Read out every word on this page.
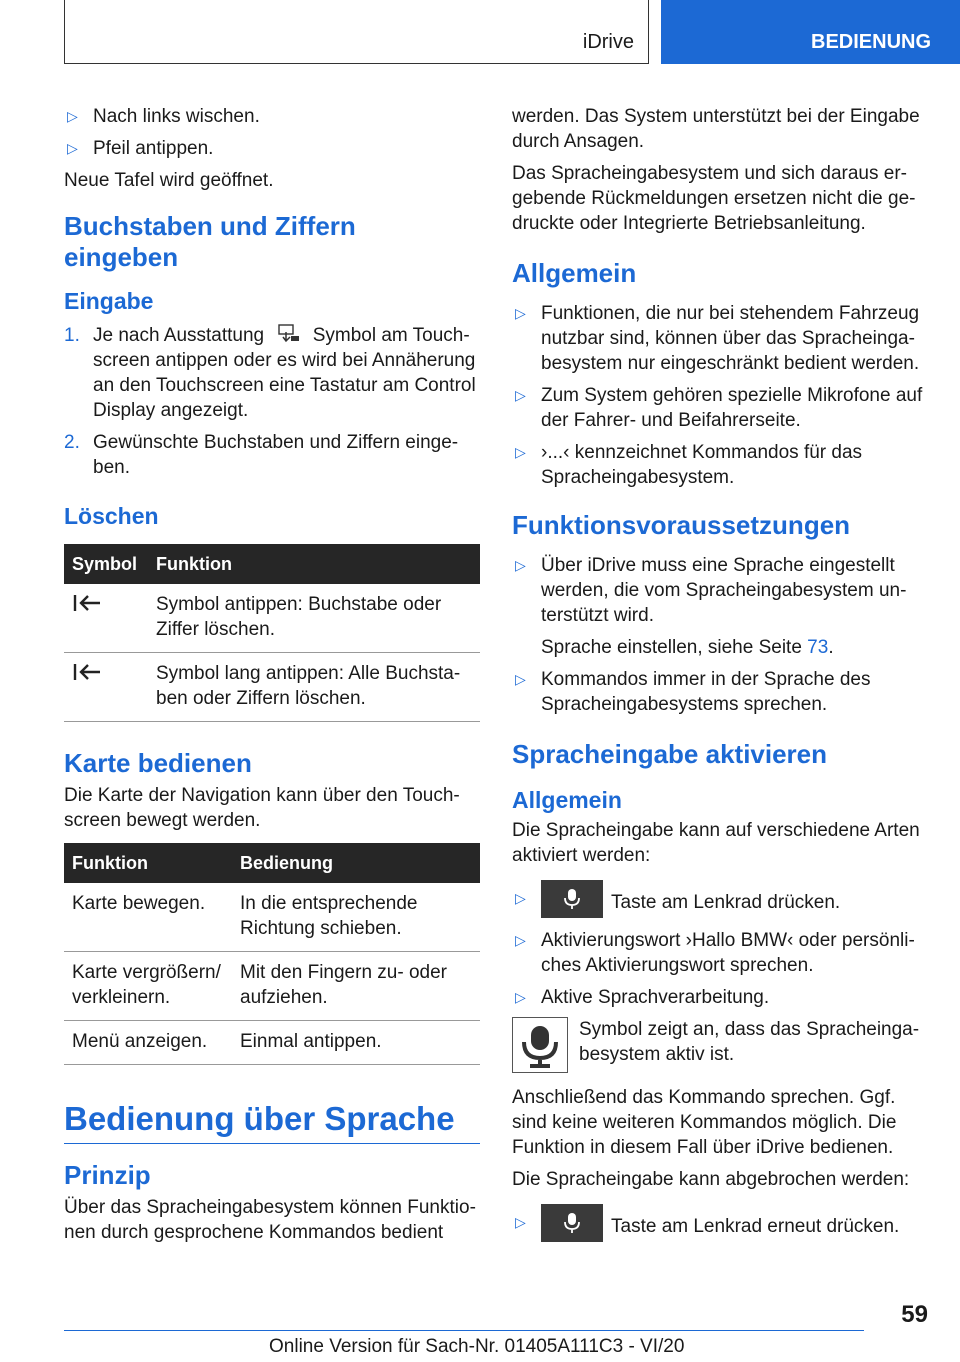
iDrive	BEDIENUNG
▷ Nach links wischen.
▷ Pfeil antippen.

Neue Tafel wird geöffnet.

Buchstaben und Ziffern eingeben
Eingabe
1. Je nach Ausstattung	Symbol am Touchscreen antippen oder es wird bei Annäherung an den Touchscreen eine Tastatur am Control Display angezeigt.
2. Gewünschte Buchstaben und Ziffern eingeben.
Löschen
Symbol	Funktion
	Symbol antippen: Buchstabe oder Ziffer löschen.
	Symbol lang antippen: Alle Buchstaben oder Ziffern löschen.
Karte bedienen

Die Karte der Navigation kann über den Touchscreen bewegt werden.

Funktion	Bedienung
Karte bewegen.	In die entsprechende Richtung schieben.
Karte vergrößern/ verkleinern.	Mit den Fingern zu- oder aufziehen.
Menü anzeigen.	Einmal antippen.
Bedienung über Sprache
Prinzip

Über das Spracheingabesystem können Funktionen durch gesprochene Kommandos bedient

werden. Das System unterstützt bei der Eingabe durch Ansagen.

Das Spracheingabesystem und sich daraus ergebende Rückmeldungen ersetzen nicht die gedruckte oder Integrierte Betriebsanleitung.

Allgemein
▷ Funktionen, die nur bei stehendem Fahrzeug nutzbar sind, können über das Spracheingabesystem nur eingeschränkt bedient werden.
▷ Zum System gehören spezielle Mikrofone auf der Fahrer- und Beifahrerseite.
▷ ›...‹ kennzeichnet Kommandos für das Spracheingabesystem.
Funktionsvoraussetzungen
▷ Über iDrive muss eine Sprache eingestellt werden, die vom Spracheingabesystem unterstützt wird.
Sprache einstellen, siehe Seite 73.
▷ Kommandos immer in der Sprache des Spracheingabesystems sprechen.
Spracheingabe aktivieren
Allgemein

Die Spracheingabe kann auf verschiedene Arten aktiviert werden:

▷	Taste am Lenkrad drücken.
▷ Aktivierungswort ›Hallo BMW‹ oder persönliches Aktivierungswort sprechen.
▷ Aktive Sprachverarbeitung.
Symbol zeigt an, dass das Spracheingabesystem aktiv ist.

Anschließend das Kommando sprechen. Ggf. sind keine weiteren Kommandos möglich. Die Funktion in diesem Fall über iDrive bedienen.

Die Spracheingabe kann abgebrochen werden:

▷	Taste am Lenkrad erneut drücken.
59
Online Version für Sach-Nr. 01405A111C3 - VI/20
